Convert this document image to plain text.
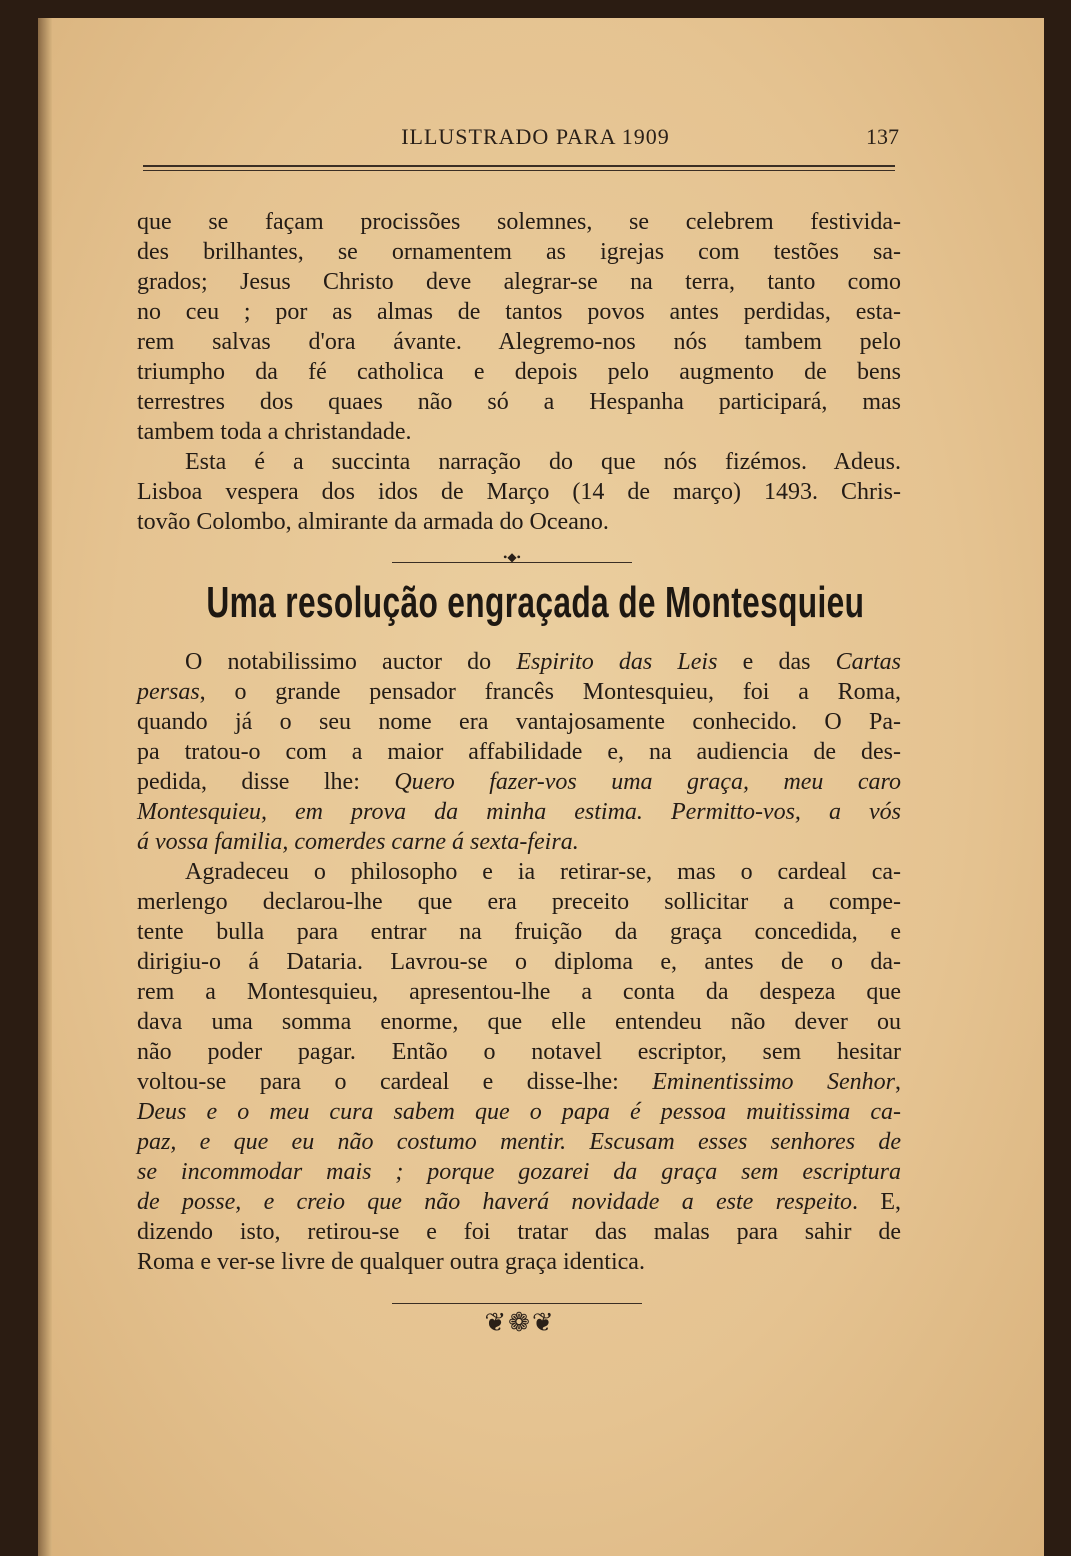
ILLUSTRADO PARA 1909	137
que se façam procissões solemnes, se celebrem festivida-
des brilhantes, se ornamentem as igrejas com testões sa-
grados; Jesus Christo deve alegrar-se na terra, tanto como
no ceu ; por as almas de tantos povos antes perdidas, esta-
rem salvas d'ora ávante. Alegremo-nos nós tambem pelo
triumpho da fé catholica e depois pelo augmento de bens
terrestres dos quaes não só a Hespanha participará, mas
tambem toda a christandade.
Esta é a succinta narração do que nós fizémos. Adeus.
Lisboa vespera dos idos de Março (14 de março) 1493. Chris-
tovão Colombo, almirante da armada do Oceano.
•◆•
Uma resolução engraçada de Montesquieu
O notabilissimo auctor do Espirito das Leis e das Cartas
persas, o grande pensador francês Montesquieu, foi a Roma,
quando já o seu nome era vantajosamente conhecido. O Pa-
pa tratou-o com a maior affabilidade e, na audiencia de des-
pedida, disse lhe: Quero fazer-vos uma graça, meu caro
Montesquieu, em prova da minha estima. Permitto-vos, a vós
á vossa familia, comerdes carne á sexta-feira.
Agradeceu o philosopho e ia retirar-se, mas o cardeal ca-
merlengo declarou-lhe que era preceito sollicitar a compe-
tente bulla para entrar na fruição da graça concedida, e
dirigiu-o á Dataria. Lavrou-se o diploma e, antes de o da-
rem a Montesquieu, apresentou-lhe a conta da despeza que
dava uma somma enorme, que elle entendeu não dever ou
não poder pagar. Então o notavel escriptor, sem hesitar
voltou-se para o cardeal e disse-lhe: Eminentissimo Senhor,
Deus e o meu cura sabem que o papa é pessoa muitissima ca-
paz, e que eu não costumo mentir. Escusam esses senhores de
se incommodar mais ; porque gozarei da graça sem escriptura
de posse, e creio que não haverá novidade a este respeito. E,
dizendo isto, retirou-se e foi tratar das malas para sahir de
Roma e ver-se livre de qualquer outra graça identica.
❦❁❦
